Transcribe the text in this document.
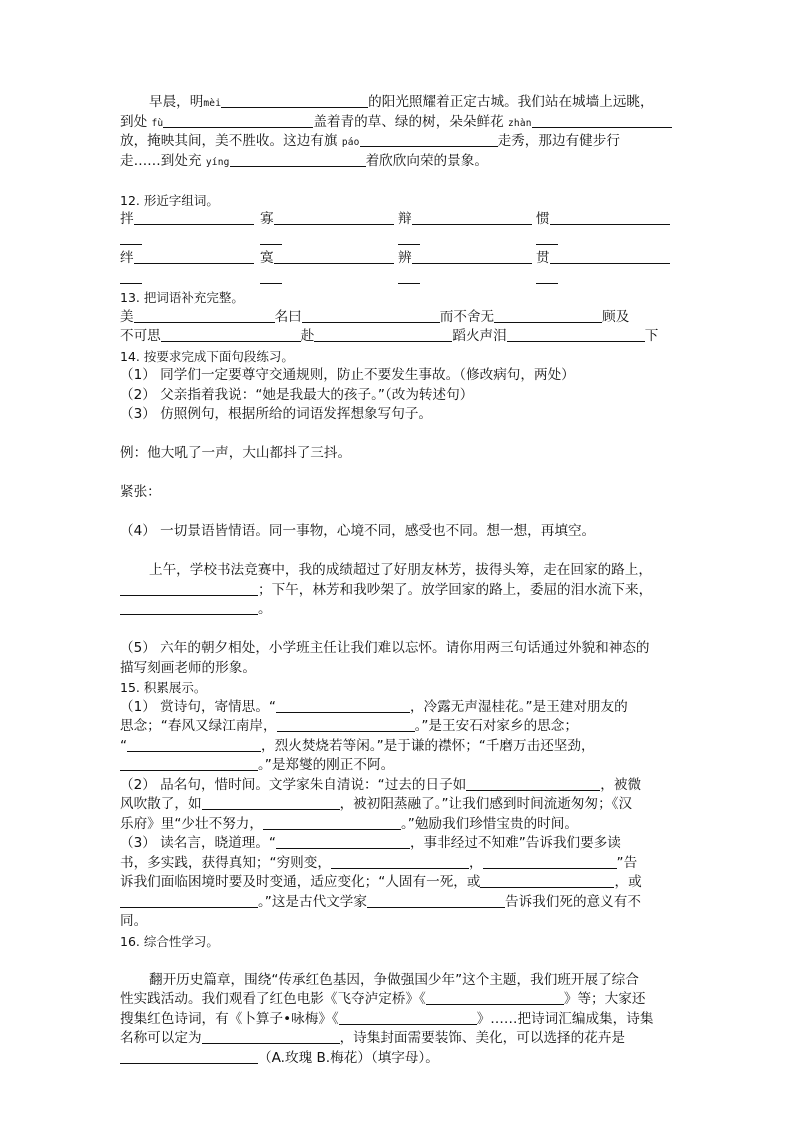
早晨，明mèi	的阳光照耀着正定古城。我们站在城墙上远眺，
到处 fù	盖着青的草、绿的树，朵朵鲜花 zhàn
放，掩映其间，美不胜收。这边有旗 páo	走秀，那边有健步行
走……到处充 yíng	着欣欣向荣的景象。
12. 形近字组词。
拌	寡	辩	惯
绊	寞	辨	贯
13. 把词语补充完整。
美	名曰	而不舍无	顾及
不可思	赴	蹈火声泪	下
14. 按要求完成下面句段练习。
（1） 同学们一定要尊守交通规则，防止不要发生事故。（修改病句，两处）
（2） 父亲指着我说：“她是我最大的孩子。”（改为转述句）
（3） 仿照例句，根据所给的词语发挥想象写句子。
例：他大吼了一声，大山都抖了三抖。
紧张：
（4） 一切景语皆情语。同一事物，心境不同，感受也不同。想一想，再填空。
上午，学校书法竞赛中，我的成绩超过了好朋友林芳，拔得头筹，走在回家的路上，
；下午，林芳和我吵架了。放学回家的路上，委屈的泪水流下来，
。
（5） 六年的朝夕相处，小学班主任让我们难以忘怀。请你用两三句话通过外貌和神态的
描写刻画老师的形象。
15. 积累展示。
（1） 赏诗句，寄情思。“	，冷露无声湿桂花。”是王建对朋友的
思念；“春风又绿江南岸，	。”是王安石对家乡的思念；
“	，烈火焚烧若等闲。”是于谦的襟怀；“千磨万击还坚劲，
。”是郑燮的刚正不阿。
（2） 品名句，惜时间。文学家朱自清说：“过去的日子如	，被微
风吹散了，如	，被初阳蒸融了。”让我们感到时间流逝匆匆；《汉
乐府》里“少壮不努力，	。”勉励我们珍惜宝贵的时间。
（3） 读名言，晓道理。“	，事非经过不知难”告诉我们要多读
书，多实践，获得真知；“穷则变，	，	”告
诉我们面临困境时要及时变通，适应变化；“人固有一死，或	，或
。”这是古代文学家	告诉我们死的意义有不
同。
16. 综合性学习。
翻开历史篇章，围绕“传承红色基因，争做强国少年”这个主题，我们班开展了综合
性实践活动。我们观看了红色电影《飞夺泸定桥》《	》等；大家还
搜集红色诗词，有《卜算子•咏梅》《	》……把诗词汇编成集，诗集
名称可以定为	，诗集封面需要装饰、美化，可以选择的花卉是
（A.玫瑰 B.梅花）（填字母）。
